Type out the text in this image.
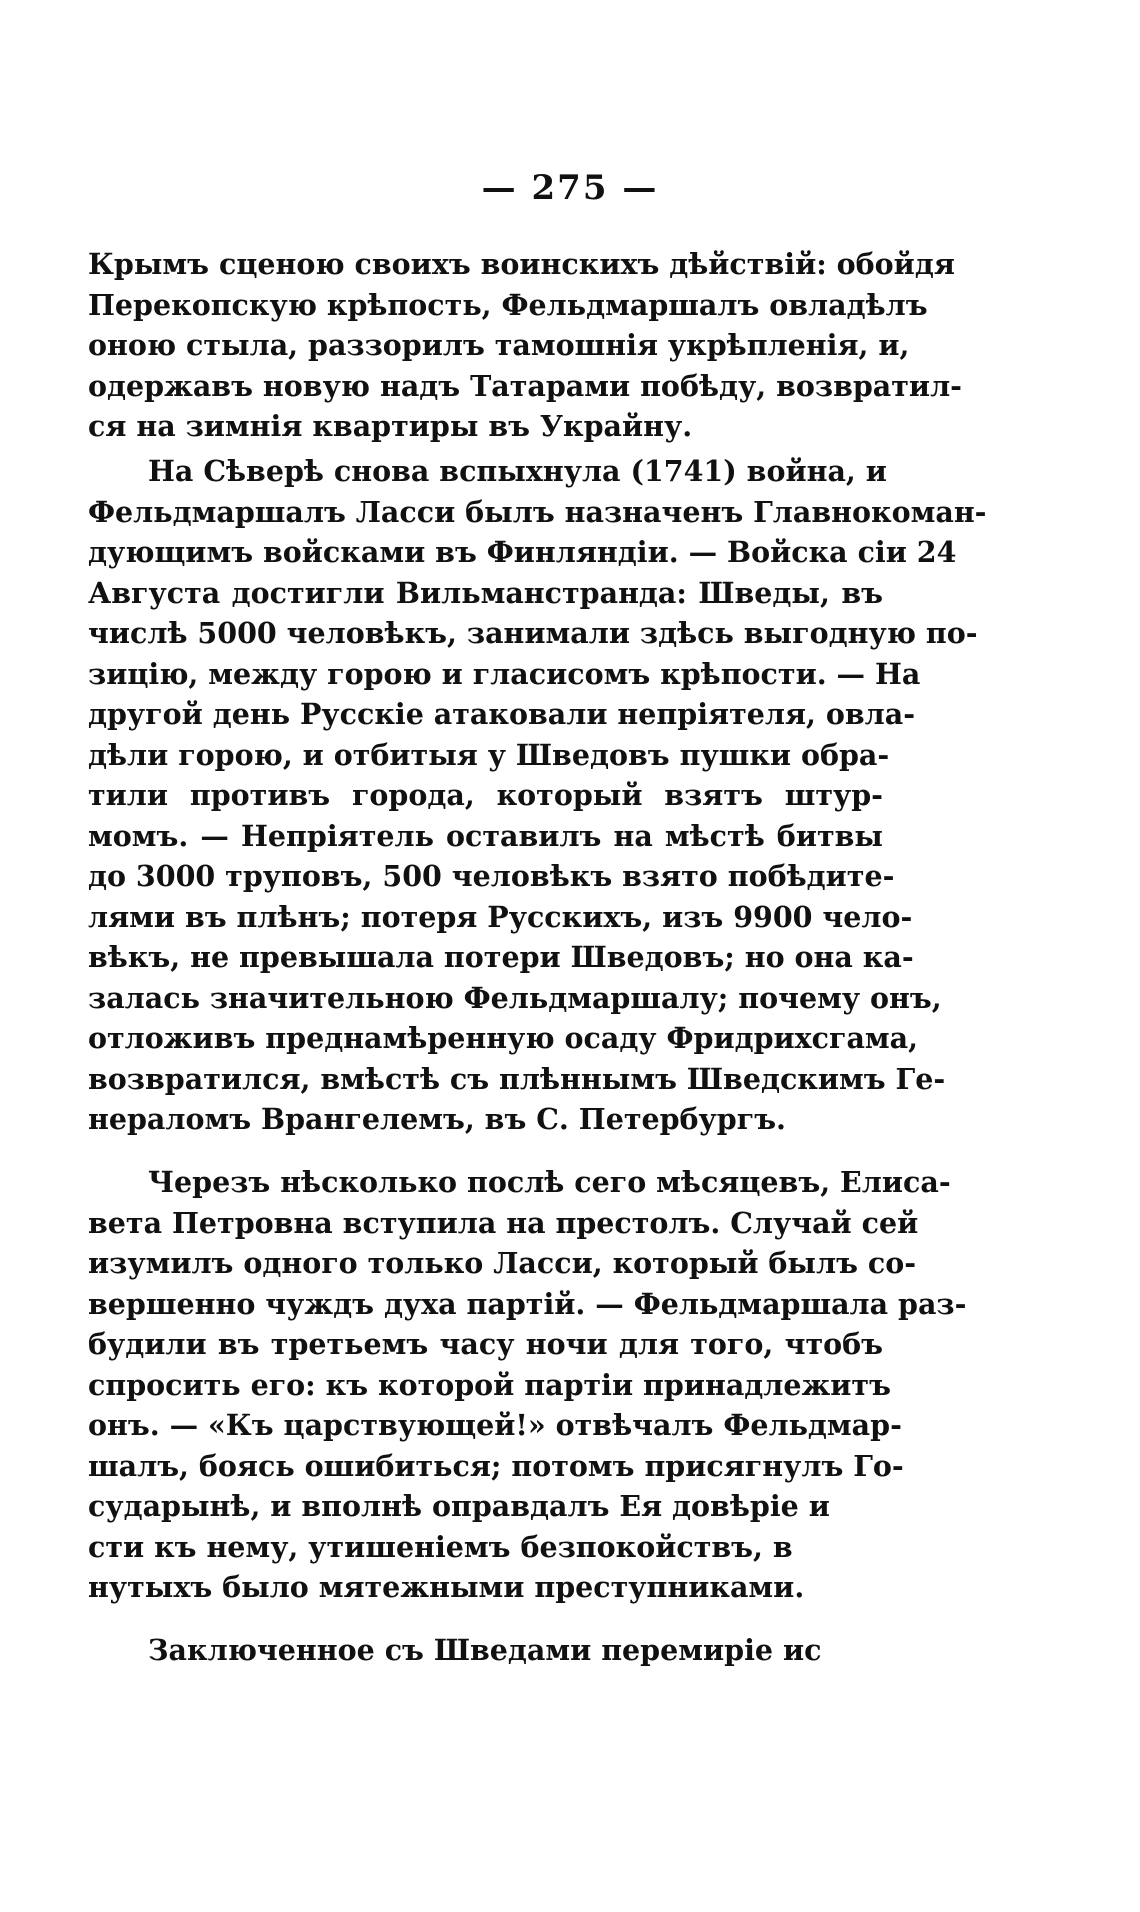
— 275 —
Крымъ сценою своихъ воинскихъ дѣйствій: обойдя
Перекопскую крѣпость, Фельдмаршалъ овладѣлъ
оною стыла, раззорилъ тамошнія укрѣпленія, и,
одержавъ новую надъ Татарами побѣду, возвратил-
ся на зимнія квартиры въ Украйну.
На Сѣверѣ снова вспыхнула (1741) война, и
Фельдмаршалъ Ласси былъ назначенъ Главнокоман-
дующимъ войсками въ Финляндіи. — Войска сіи 24
Августа достигли Вильманстранда: Шведы, въ
числѣ 5000 человѣкъ, занимали здѣсь выгодную по-
зицію, между горою и гласисомъ крѣпости. — На
другой день Русскіе атаковали непріятеля, овла-
дѣли горою, и отбитыя у Шведовъ пушки обра-
тили противъ города, который взятъ штур-
момъ. — Непріятель оставилъ на мѣстѣ битвы
до 3000 труповъ, 500 человѣкъ взято побѣдите-
лями въ плѣнъ; потеря Русскихъ, изъ 9900 чело-
вѣкъ, не превышала потери Шведовъ; но она ка-
залась значительною Фельдмаршалу; почему онъ,
отложивъ преднамѣренную осаду Фридрихсгама,
возвратился, вмѣстѣ съ плѣннымъ Шведскимъ Ге-
нераломъ Врангелемъ, въ С. Петербургъ.
Черезъ нѣсколько послѣ сего мѣсяцевъ, Елиса-
вета Петровна вступила на престолъ. Случай сей
изумилъ одного только Ласси, который былъ со-
вершенно чуждъ духа партій. — Фельдмаршала раз-
будили въ третьемъ часу ночи для того, чтобъ
спросить его: къ которой партіи принадлежитъ
онъ. — «Къ царствующей!» отвѣчалъ Фельдмар-
шалъ, боясь ошибиться; потомъ присягнулъ Го-
сударынѣ, и вполнѣ оправдалъ Ея довѣріе и
сти къ нему, утишеніемъ безпокойствъ, в
нутыхъ было мятежными преступниками.
Заключенное съ Шведами перемиріе ис
